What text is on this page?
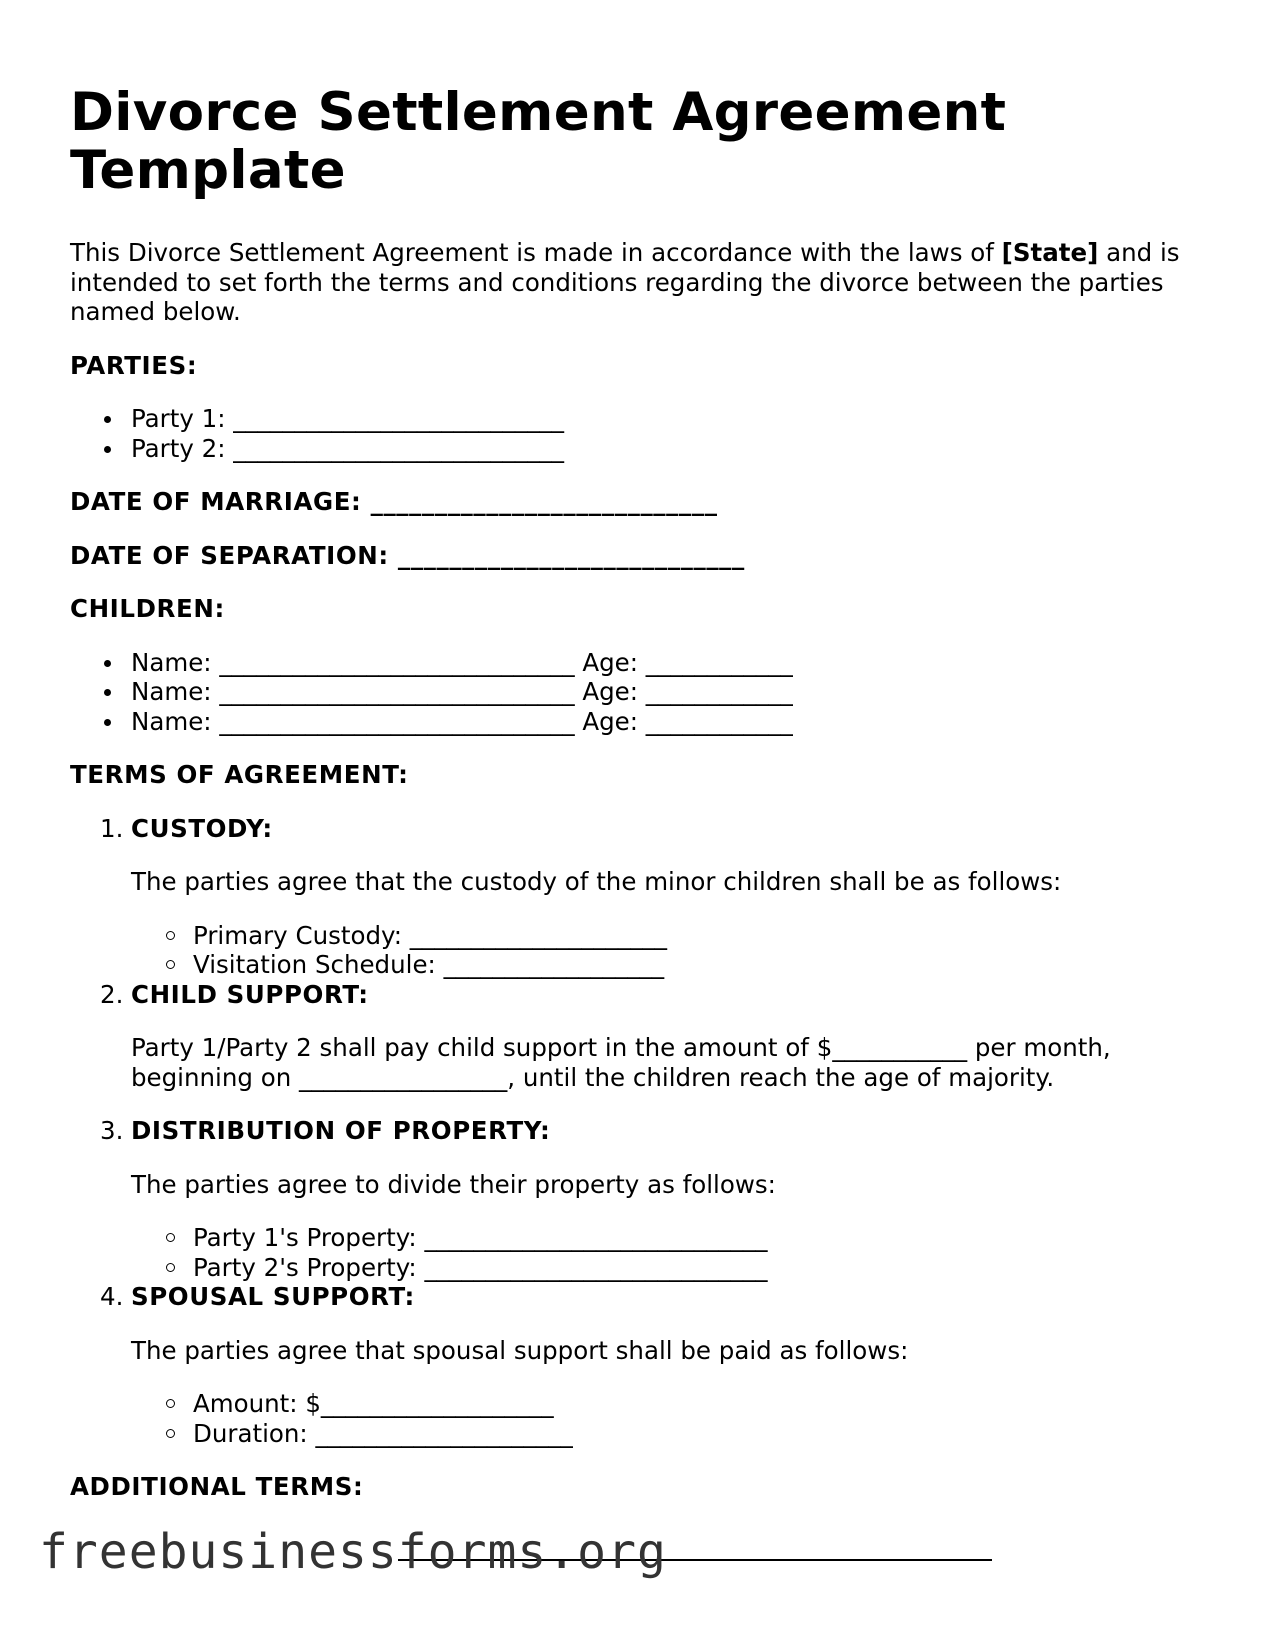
Divorce Settlement Agreement Template

This Divorce Settlement Agreement is made in accordance with the laws of [State] and is intended to set forth the terms and conditions regarding the divorce between the parties named below.

PARTIES:

Party 1: ___________________________
Party 2: ___________________________

DATE OF MARRIAGE: ___________________________

DATE OF SEPARATION: ___________________________

CHILDREN:

Name: _____________________________ Age: ____________
Name: _____________________________ Age: ____________
Name: _____________________________ Age: ____________

TERMS OF AGREEMENT:

1. CUSTODY:
The parties agree that the custody of the minor children shall be as follows:
Primary Custody: _____________________
Visitation Schedule: __________________
2. CHILD SUPPORT:
Party 1/Party 2 shall pay child support in the amount of $___________ per month, beginning on _________________, until the children reach the age of majority.
3. DISTRIBUTION OF PROPERTY:
The parties agree to divide their property as follows:
Party 1's Property: ____________________________
Party 2's Property: ____________________________
4. SPOUSAL SUPPORT:
The parties agree that spousal support shall be paid as follows:
Amount: $___________________
Duration: _____________________

ADDITIONAL TERMS:

freebusinessforms.org
